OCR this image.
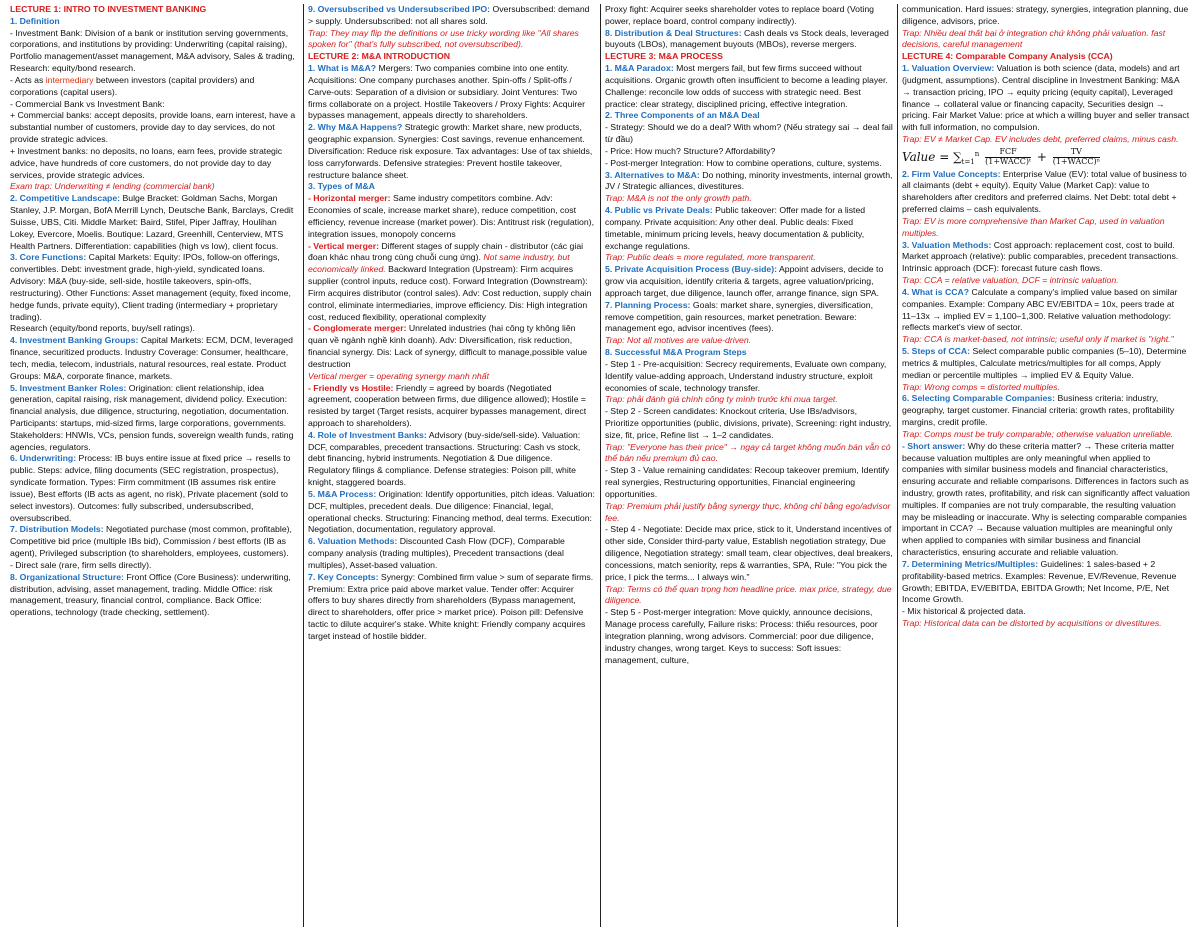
LECTURE 1: INTRO TO INVESTMENT BANKING

1. Definition

- Investment Bank: Division of a bank or institution serving governments, corporations, and institutions by providing: Underwriting (capital raising), Portfolio management/asset management, M&A advisory, Sales & trading, Research: equity/bond research.

- Acts as intermediary between investors (capital providers) and corporations (capital users).

- Commercial Bank vs Investment Bank:

+ Commercial banks: accept deposits, provide loans, earn interest, have a substantial number of customers, provide day to day services, do not provide strategic advices.

+ Investment banks: no deposits, no loans, earn fees, provide strategic advice, have hundreds of core customers, do not provide day to day services, provide strategic advices.

Exam trap: Underwriting ≠ lending (commercial bank)

2. Competitive Landscape: Bulge Bracket: Goldman Sachs, Morgan Stanley, J.P. Morgan, BofA Merrill Lynch, Deutsche Bank, Barclays, Credit Suisse, UBS, Citi. Middle Market: Baird, Stifel, Piper Jaffray, Houlihan Lokey, Evercore, Moelis. Boutique: Lazard, Greenhill, Centerview, MTS Health Partners. Differentiation: capabilities (high vs low), client focus.

3. Core Functions: Capital Markets: Equity: IPOs, follow-on offerings, convertibles. Debt: investment grade, high-yield, syndicated loans. Advisory: M&A (buy-side, sell-side, hostile takeovers, spin-offs, restructuring). Other Functions: Asset management (equity, fixed income, hedge funds, private equity), Client trading (intermediary + proprietary trading).

Research (equity/bond reports, buy/sell ratings).

4. Investment Banking Groups: Capital Markets: ECM, DCM, leveraged finance, securitized products. Industry Coverage: Consumer, healthcare, tech, media, telecom, industrials, natural resources, real estate. Product Groups: M&A, corporate finance, markets.

5. Investment Banker Roles: Origination: client relationship, idea generation, capital raising, risk management, dividend policy. Execution: financial analysis, due diligence, structuring, negotiation, documentation. Participants: startups, mid-sized firms, large corporations, governments. Stakeholders: HNWIs, VCs, pension funds, sovereign wealth funds, rating agencies, regulators.

6. Underwriting: Process: IB buys entire issue at fixed price → resells to public. Steps: advice, filing documents (SEC registration, prospectus), syndicate formation. Types: Firm commitment (IB assumes risk entire issue), Best efforts (IB acts as agent, no risk), Private placement (sold to select investors). Outcomes: fully subscribed, undersubscribed, oversubscribed.

7. Distribution Models: Negotiated purchase (most common, profitable), Competitive bid price (multiple IBs bid), Commission / best efforts (IB as agent), Privileged subscription (to shareholders, employees, customers).

- Direct sale (rare, firm sells directly).

8. Organizational Structure: Front Office (Core Business): underwriting, distribution, advising, asset management, trading. Middle Office: risk management, treasury, financial control, compliance. Back Office: operations, technology (trade checking, settlement).

9. Oversubscribed vs Undersubscribed IPO: Oversubscribed: demand > supply. Undersubscribed: not all shares sold.

Trap: They may flip the definitions or use tricky wording like "All shares spoken for" (that's fully subscribed, not oversubscribed).

LECTURE 2: M&A INTRODUCTION

1. What is M&A? Mergers: Two companies combine into one entity. Acquisitions: One company purchases another. Spin-offs / Split-offs / Carve-outs: Separation of a division or subsidiary. Joint Ventures: Two firms collaborate on a project. Hostile Takeovers / Proxy Fights: Acquirer bypasses management, appeals directly to shareholders.

2. Why M&A Happens? Strategic growth: Market share, new products, geographic expansion. Synergies: Cost savings, revenue enhancement. Diversification: Reduce risk exposure. Tax advantages: Use of tax shields, loss carryforwards. Defensive strategies: Prevent hostile takeover, restructure balance sheet.

3. Types of M&A

- Horizontal merger: Same industry competitors combine. Adv: Economies of scale, increase market share), reduce competition, cost efficiency, revenue increase (market power). Dis: Antitrust risk (regulation), integration issues, monopoly concerns

- Vertical merger: Different stages of supply chain - distributor (các giai đoạn khác nhau trong cùng chuỗi cung ứng). Not same industry, but economically linked. Backward Integration (Upstream): Firm acquires supplier (control inputs, reduce cost). Forward Integration (Downstream): Firm acquires distributor (control sales). Adv: Cost reduction, supply chain control, eliminate intermediaries, improve efficiency. Dis: High integration cost, reduced flexibility, operational complexity

- Conglomerate merger: Unrelated industries (hai công ty không liên quan về ngành nghề kinh doanh). Adv: Diversification, risk reduction, financial synergy. Dis: Lack of synergy, difficult to manage,possible value destruction

Vertical merger = operating synergy mạnh nhất

- Friendly vs Hostile: Friendly = agreed by boards (Negotiated agreement, cooperation between firms, due diligence allowed); Hostile = resisted by target (Target resists, acquirer bypasses management, direct approach to shareholders).

4. Role of Investment Banks: Advisory (buy-side/sell-side). Valuation: DCF, comparables, precedent transactions. Structuring: Cash vs stock, debt financing, hybrid instruments. Negotiation & Due diligence. Regulatory filings & compliance. Defense strategies: Poison pill, white knight, staggered boards.

5. M&A Process: Origination: Identify opportunities, pitch ideas. Valuation: DCF, multiples, precedent deals. Due diligence: Financial, legal, operational checks. Structuring: Financing method, deal terms. Execution: Negotiation, documentation, regulatory approval.

6. Valuation Methods: Discounted Cash Flow (DCF), Comparable company analysis (trading multiples), Precedent transactions (deal multiples), Asset-based valuation.

7. Key Concepts: Synergy: Combined firm value > sum of separate firms. Premium: Extra price paid above market value. Tender offer: Acquirer offers to buy shares directly from shareholders (Bypass management, direct to shareholders, offer price > market price). Poison pill: Defensive tactic to dilute acquirer's stake. White knight: Friendly company acquires target instead of hostile bidder.

Proxy fight: Acquirer seeks shareholder votes to replace board (Voting power, replace board, control company indirectly).

8. Distribution & Deal Structures: Cash deals vs Stock deals, leveraged buyouts (LBOs), management buyouts (MBOs), reverse mergers.

LECTURE 3: M&A PROCESS

1. M&A Paradox: Most mergers fail, but few firms succeed without acquisitions. Organic growth often insufficient to become a leading player. Challenge: reconcile low odds of success with strategic need. Best practice: clear strategy, disciplined pricing, effective integration.

2. Three Components of an M&A Deal

- Strategy: Should we do a deal? With whom? (Nếu strategy sai → deal fail từ đầu)

- Price: How much? Structure? Affordability?

- Post-merger Integration: How to combine operations, culture, systems.

3. Alternatives to M&A: Do nothing, minority investments, internal growth, JV / Strategic alliances, divestitures.

Trap: M&A is not the only growth path.

4. Public vs Private Deals: Public takeover: Offer made for a listed company. Private acquisition: Any other deal. Public deals: Fixed timetable, minimum pricing levels, heavy documentation & publicity, exchange regulations.

Trap: Public deals = more regulated, more transparent.

5. Private Acquisition Process (Buy-side): Appoint advisers, decide to grow via acquisition, identify criteria & targets, agree valuation/pricing, approach target, due diligence, launch offer, arrange finance, sign SPA.

7. Planning Process: Goals: market share, synergies, diversification, remove competition, gain resources, market penetration. Beware: management ego, advisor incentives (fees).

Trap: Not all motives are value-driven.

8. Successful M&A Program Steps

- Step 1 - Pre-acquisition: Secrecy requirements, Evaluate own company, Identify value-adding approach, Understand industry structure, exploit economies of scale, technology transfer.

Trap: phải đánh giá chính công ty mình trước khi mua target.

- Step 2 - Screen candidates: Knockout criteria, Use IBs/advisors, Prioritize opportunities (public, divisions, private), Screening: right industry, size, fit, price, Refine list → 1–2 candidates.

Trap: "Everyone has their price" → ngay cả target không muốn bán vẫn có thể bán nếu premium đủ cao.

- Step 3 - Value remaining candidates: Recoup takeover premium, Identify real synergies, Restructuring opportunities, Financial engineering opportunities.

Trap: Premium phải justify bằng synergy thực, không chỉ bằng ego/advisor fee.

- Step 4 - Negotiate: Decide max price, stick to it, Understand incentives of other side, Consider third-party value, Establish negotiation strategy, Due diligence, Negotiation strategy: small team, clear objectives, deal breakers, concessions, match seniority, reps & warranties, SPA, Rule: "You pick the price, I pick the terms... I always win."

Trap: Terms có thể quan trọng hơn headline price. max price, strategy, due diligence.

- Step 5 - Post-merger integration: Move quickly, announce decisions, Manage process carefully, Failure risks: Process: thiếu resources, poor integration planning, wrong advisors. Commercial: poor due diligence, industry changes, wrong target. Keys to success: Soft issues: management, culture,

communication. Hard issues: strategy, synergies, integration planning, due diligence, advisors, price.

Trap: Nhiều deal thất bại ở integration chứ không phải valuation. fast decisions, careful management

LECTURE 4: Comparable Company Analysis (CCA)

1. Valuation Overview: Valuation is both science (data, models) and art (judgment, assumptions). Central discipline in Investment Banking: M&A → transaction pricing, IPO → equity pricing (equity capital), Leveraged finance → collateral value or financing capacity, Securities design → pricing. Fair Market Value: price at which a willing buyer and seller transact with full information, no compulsion.

Trap: EV ≠ Market Cap. EV includes debt, preferred claims, minus cash.

Value = $\sum_{t=1}^n \frac{\text{FCF}}{\text{(1+WACC)ᵗ}} + \frac{TV}{\text{(1+WACC)ⁿ}}$

2. Firm Value Concepts: Enterprise Value (EV): total value of business to all claimants (debt + equity). Equity Value (Market Cap): value to shareholders after creditors and preferred claims. Net Debt: total debt + preferred claims – cash equivalents.

Trap: EV is more comprehensive than Market Cap, used in valuation multiples.

3. Valuation Methods: Cost approach: replacement cost, cost to build. Market approach (relative): public comparables, precedent transactions. Intrinsic approach (DCF): forecast future cash flows.

Trap: CCA = relative valuation, DCF = intrinsic valuation.

4. What is CCA? Calculate a company's implied value based on similar companies. Example: Company ABC EV/EBITDA = 10x, peers trade at 11–13x → implied EV = 1,100–1,300. Relative valuation methodology: reflects market's view of sector.

Trap: CCA is market-based, not intrinsic; useful only if market is "right."

5. Steps of CCA: Select comparable public companies (5–10), Determine metrics & multiples, Calculate metrics/multiples for all comps, Apply median or percentile multiples → implied EV & Equity Value.

Trap: Wrong comps = distorted multiples.

6. Selecting Comparable Companies: Business criteria: industry, geography, target customer. Financial criteria: growth rates, profitability margins, credit profile.

Trap: Comps must be truly comparable; otherwise valuation unreliable.

- Short answer: Why do these criteria matter? → These criteria matter because valuation multiples are only meaningful when applied to companies with similar business models and financial characteristics, ensuring accurate and reliable comparisons. Differences in factors such as industry, growth rates, profitability, and risk can significantly affect valuation multiples. If companies are not truly comparable, the resulting valuation may be misleading or inaccurate. Why is selecting comparable companies important in CCA? → Because valuation multiples are meaningful only when applied to companies with similar business and financial characteristics, ensuring accurate and reliable valuation.

7. Determining Metrics/Multiples: Guidelines: 1 sales-based + 2 profitability-based metrics. Examples: Revenue, EV/Revenue, Revenue Growth; EBITDA, EV/EBITDA, EBITDA Growth; Net Income, P/E, Net Income Growth.

- Mix historical & projected data.

Trap: Historical data can be distorted by acquisitions or divestitures.
